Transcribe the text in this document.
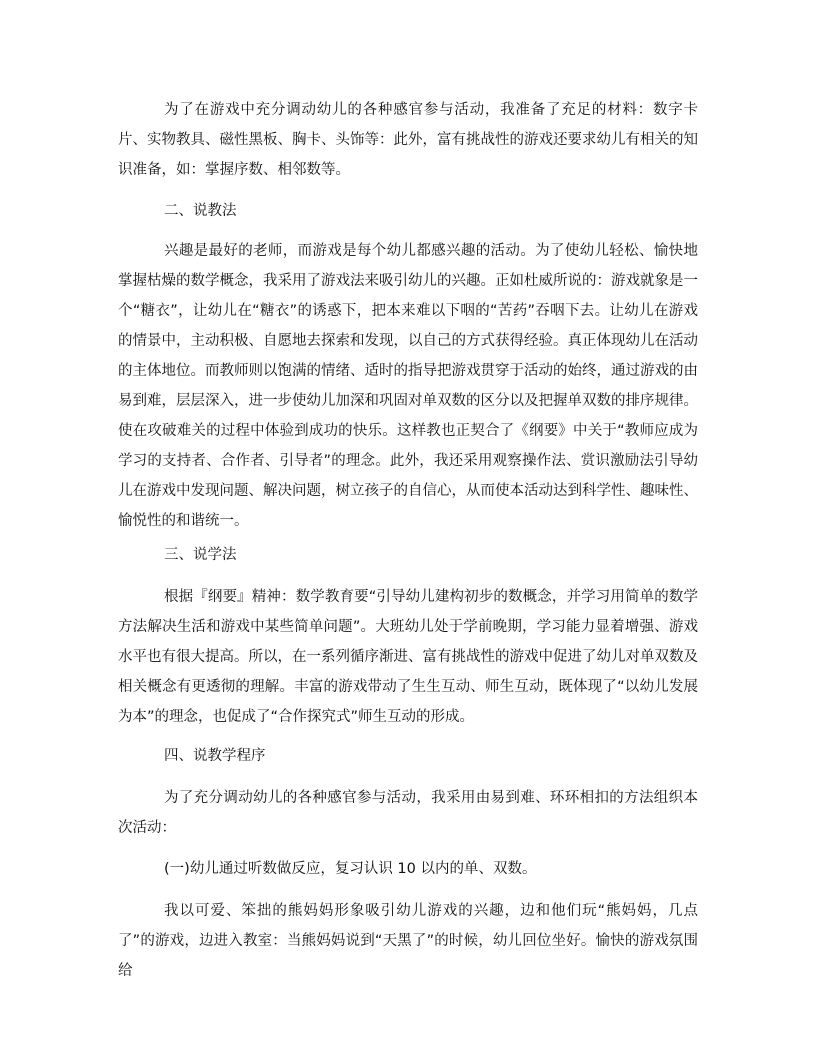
为了在游戏中充分调动幼儿的各种感官参与活动，我准备了充足的材料：数字卡片、实物教具、磁性黑板、胸卡、头饰等：此外，富有挑战性的游戏还要求幼儿有相关的知识准备，如：掌握序数、相邻数等。

二、说教法

兴趣是最好的老师，而游戏是每个幼儿都感兴趣的活动。为了使幼儿轻松、愉快地掌握枯燥的数学概念，我采用了游戏法来吸引幼儿的兴趣。正如杜威所说的：游戏就象是一个“糖衣”，让幼儿在“糖衣”的诱惑下，把本来难以下咽的“苦药”吞咽下去。让幼儿在游戏的情景中，主动积极、自愿地去探索和发现，以自己的方式获得经验。真正体现幼儿在活动的主体地位。而教师则以饱满的情绪、适时的指导把游戏贯穿于活动的始终，通过游戏的由易到难，层层深入，进一步使幼儿加深和巩固对单双数的区分以及把握单双数的排序规律。使在攻破难关的过程中体验到成功的快乐。这样教也正契合了《纲要》中关于“教师应成为学习的支持者、合作者、引导者”的理念。此外，我还采用观察操作法、赏识激励法引导幼儿在游戏中发现问题、解决问题，树立孩子的自信心，从而使本活动达到科学性、趣味性、愉悦性的和谐统一。

三、说学法

根据『纲要』精神：数学教育要“引导幼儿建构初步的数概念，并学习用简单的数学方法解决生活和游戏中某些简单问题”。大班幼儿处于学前晚期，学习能力显着增强、游戏水平也有很大提高。所以，在一系列循序渐进、富有挑战性的游戏中促进了幼儿对单双数及相关概念有更透彻的理解。丰富的游戏带动了生生互动、师生互动，既体现了“以幼儿发展为本”的理念，也促成了“合作探究式”师生互动的形成。

四、说教学程序

为了充分调动幼儿的各种感官参与活动，我采用由易到难、环环相扣的方法组织本次活动：

(一)幼儿通过听数做反应，复习认识 10 以内的单、双数。

我以可爱、笨拙的熊妈妈形象吸引幼儿游戏的兴趣，边和他们玩“熊妈妈，几点了”的游戏，边进入教室：当熊妈妈说到“天黑了”的时候，幼儿回位坐好。愉快的游戏氛围给
